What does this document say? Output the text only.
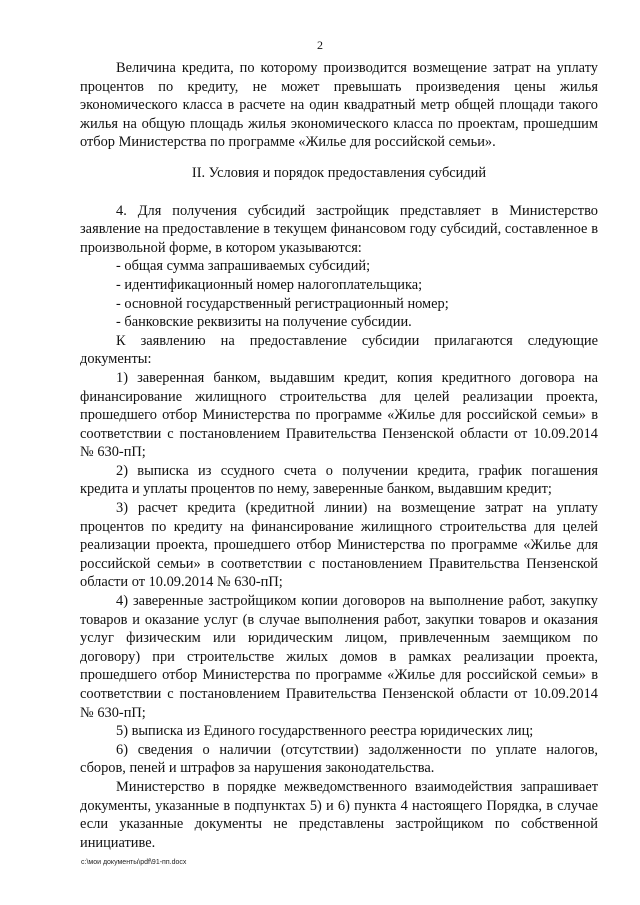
2

Величина кредита, по которому производится возмещение затрат на уплату процентов по кредиту, не может превышать произведения цены жилья экономического класса в расчете на один квадратный метр общей площади такого жилья на общую площадь жилья экономического класса по проектам, прошедшим отбор Министерства по программе «Жилье для российской семьи».

II. Условия и порядок предоставления субсидий

4. Для получения субсидий застройщик представляет в Министерство заявление на предоставление в текущем финансовом году субсидий, составленное в произвольной форме, в котором указываются:

- общая сумма запрашиваемых субсидий;

- идентификационный номер налогоплательщика;

- основной государственный регистрационный номер;

- банковские реквизиты на получение субсидии.

К заявлению на предоставление субсидии прилагаются следующие документы:

1) заверенная банком, выдавшим кредит, копия кредитного договора на финансирование жилищного строительства для целей реализации проекта, прошедшего отбор Министерства по программе «Жилье для российской семьи» в соответствии с постановлением Правительства Пензенской области от 10.09.2014 № 630-пП;

2) выписка из ссудного счета о получении кредита, график погашения кредита и уплаты процентов по нему, заверенные банком, выдавшим кредит;

3) расчет кредита (кредитной линии) на возмещение затрат на уплату процентов по кредиту на финансирование жилищного строительства для целей реализации проекта, прошедшего отбор Министерства по программе «Жилье для российской семьи» в соответствии с постановлением Правительства Пензенской области от 10.09.2014 № 630-пП;

4) заверенные застройщиком копии договоров на выполнение работ, закупку товаров и оказание услуг (в случае выполнения работ, закупки товаров и оказания услуг физическим или юридическим лицом, привлеченным заемщиком по договору) при строительстве жилых домов в рамках реализации проекта, прошедшего отбор Министерства по программе «Жилье для российской семьи» в соответствии с постановлением Правительства Пензенской области от 10.09.2014 № 630-пП;

5) выписка из Единого государственного реестра юридических лиц;

6) сведения о наличии (отсутствии) задолженности по уплате налогов, сборов, пеней и штрафов за нарушения законодательства.

Министерство в порядке межведомственного взаимодействия запрашивает документы, указанные в подпунктах 5) и 6) пункта 4 настоящего Порядка, в случае если указанные документы не представлены застройщиком по собственной инициативе.

c:\мои документы\pdf\91-пп.docx
